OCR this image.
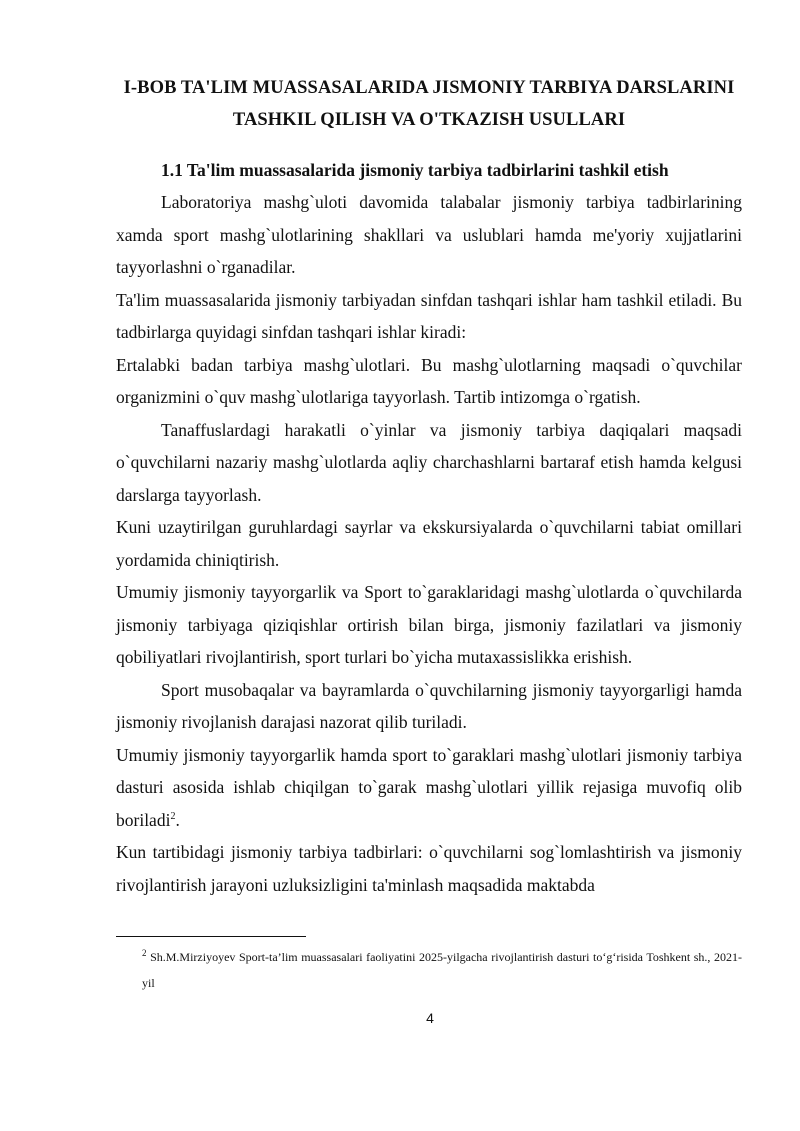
I-BOB TA'LIM MUASSASALARIDA JISMONIY TARBIYA DARSLARINI
TASHKIL QILISH VA O'TKAZISH USULLARI
1.1 Ta'lim muassasalarida jismoniy tarbiya tadbirlarini tashkil etish

Laboratoriya mashg`uloti davomida talabalar jismoniy tarbiya tadbirlarining xamda sport mashg`ulotlarining shakllari va uslublari hamda me'yoriy xujjatlarini tayyorlashni o`rganadilar.

Ta'lim muassasalarida jismoniy tarbiyadan sinfdan tashqari ishlar ham tashkil etiladi. Bu tadbirlarga quyidagi sinfdan tashqari ishlar kiradi:

Ertalabki badan tarbiya mashg`ulotlari. Bu mashg`ulotlarning maqsadi o`quvchilar organizmini o`quv mashg`ulotlariga tayyorlash. Tartib intizomga o`rgatish.

Tanaffuslardagi harakatli o`yinlar va jismoniy tarbiya daqiqalari maqsadi o`quvchilarni nazariy mashg`ulotlarda aqliy charchashlarni bartaraf etish hamda kelgusi darslarga tayyorlash.

Kuni uzaytirilgan guruhlardagi sayrlar va ekskursiyalarda o`quvchilarni tabiat omillari yordamida chiniqtirish.

Umumiy jismoniy tayyorgarlik va Sport to`garaklaridagi mashg`ulotlarda o`quvchilarda jismoniy tarbiyaga qiziqishlar ortirish bilan birga, jismoniy fazilatlari va jismoniy qobiliyatlari rivojlantirish, sport turlari bo`yicha mutaxassislikka erishish.

Sport musobaqalar va bayramlarda o`quvchilarning jismoniy tayyorgarligi hamda jismoniy rivojlanish darajasi nazorat qilib turiladi.

Umumiy jismoniy tayyorgarlik hamda sport to`garaklari mashg`ulotlari jismoniy tarbiya dasturi asosida ishlab chiqilgan to`garak mashg`ulotlari yillik rejasiga muvofiq olib boriladi$^2$.

Kun tartibidagi jismoniy tarbiya tadbirlari: o`quvchilarni sog`lomlashtirish va jismoniy rivojlantirish jarayoni uzluksizligini ta'minlash maqsadida maktabda

$^2$ Sh.M.Mirziyoyev Sport-ta’lim muassasalari faoliyatini 2025-yilgacha rivojlantirish dasturi to‘g‘risida Toshkent sh., 2021-yil
4
